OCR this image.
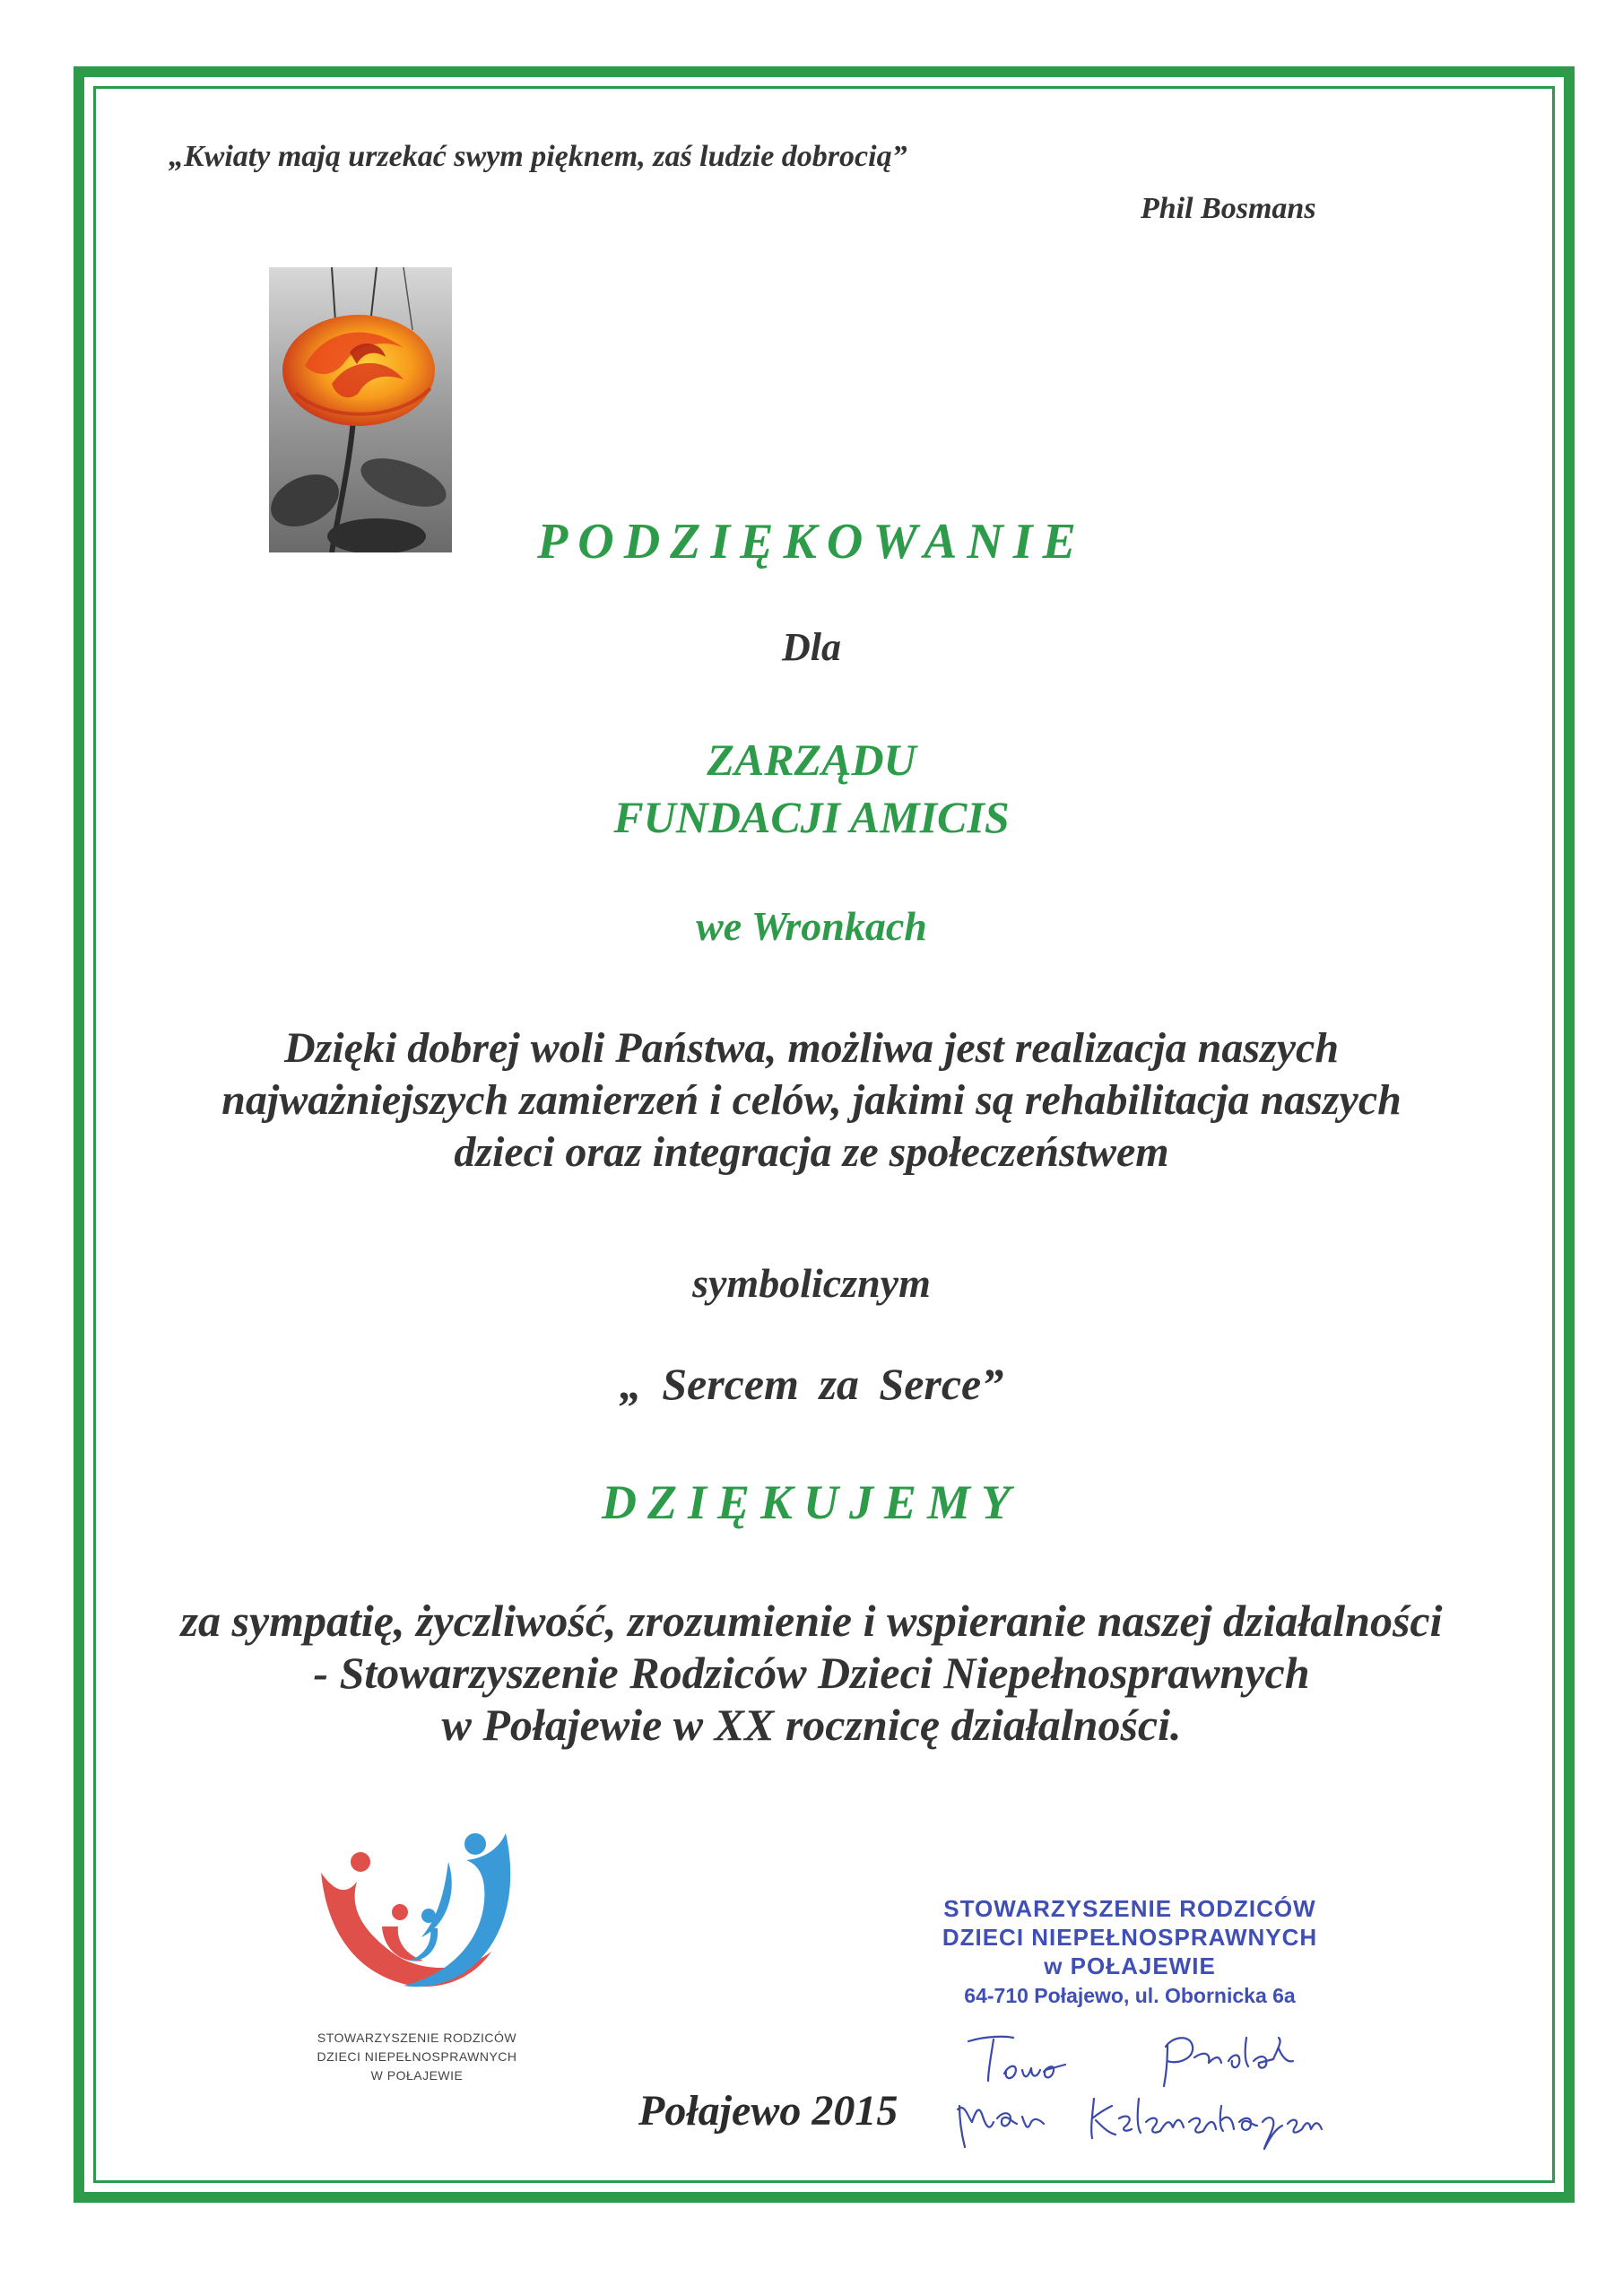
„Kwiaty mają urzekać swym pięknem, zaś ludzie dobrocią”
Phil Bosmans
PODZIĘKOWANIE
Dla
ZARZĄDU
FUNDACJI AMICIS
we Wronkach
Dzięki dobrej woli Państwa, możliwa jest realizacja naszych
najważniejszych zamierzeń i celów, jakimi są rehabilitacja naszych
dzieci oraz integracja ze społeczeństwem
symbolicznym
„ Sercem za Serce”
DZIĘKUJEMY
za sympatię, życzliwość, zrozumienie i wspieranie naszej działalności
- Stowarzyszenie Rodziców Dzieci Niepełnosprawnych
w Połajewie w XX rocznicę działalności.
STOWARZYSZENIE RODZICÓW
DZIECI NIEPEŁNOSPRAWNYCH
W POŁAJEWIE
STOWARZYSZENIE RODZICÓW
DZIECI NIEPEŁNOSPRAWNYCH
w POŁAJEWIE
64-710 Połajewo, ul. Obornicka 6a
Połajewo 2015
